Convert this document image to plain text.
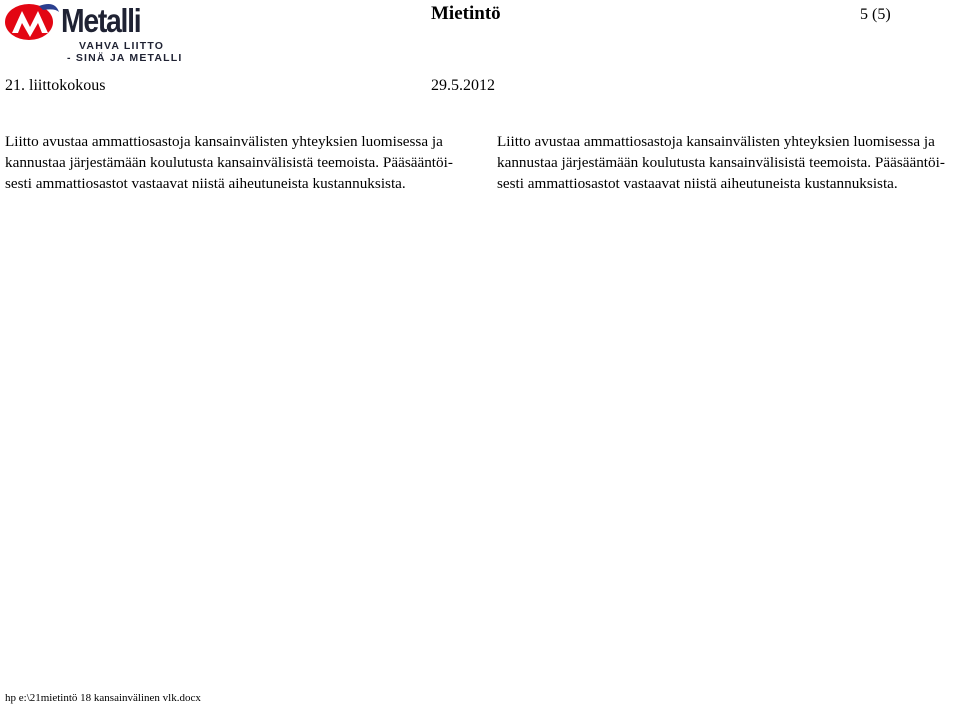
Metalli
VAHVA LIITTO
- SINÄ JA METALLI
Mietintö	5 (5)
21. liittokokous	29.5.2012
Liitto avustaa ammattiosastoja kansainvälisten yhteyksien luomisessa ja
kannustaa järjestämään koulutusta kansainvälisistä teemoista. Pääsääntöi-
sesti ammattiosastot vastaavat niistä aiheutuneista kustannuksista.
Liitto avustaa ammattiosastoja kansainvälisten yhteyksien luomisessa ja
kannustaa järjestämään koulutusta kansainvälisistä teemoista. Pääsääntöi-
sesti ammattiosastot vastaavat niistä aiheutuneista kustannuksista.
hp e:\21mietintö 18 kansainvälinen vlk.docx
